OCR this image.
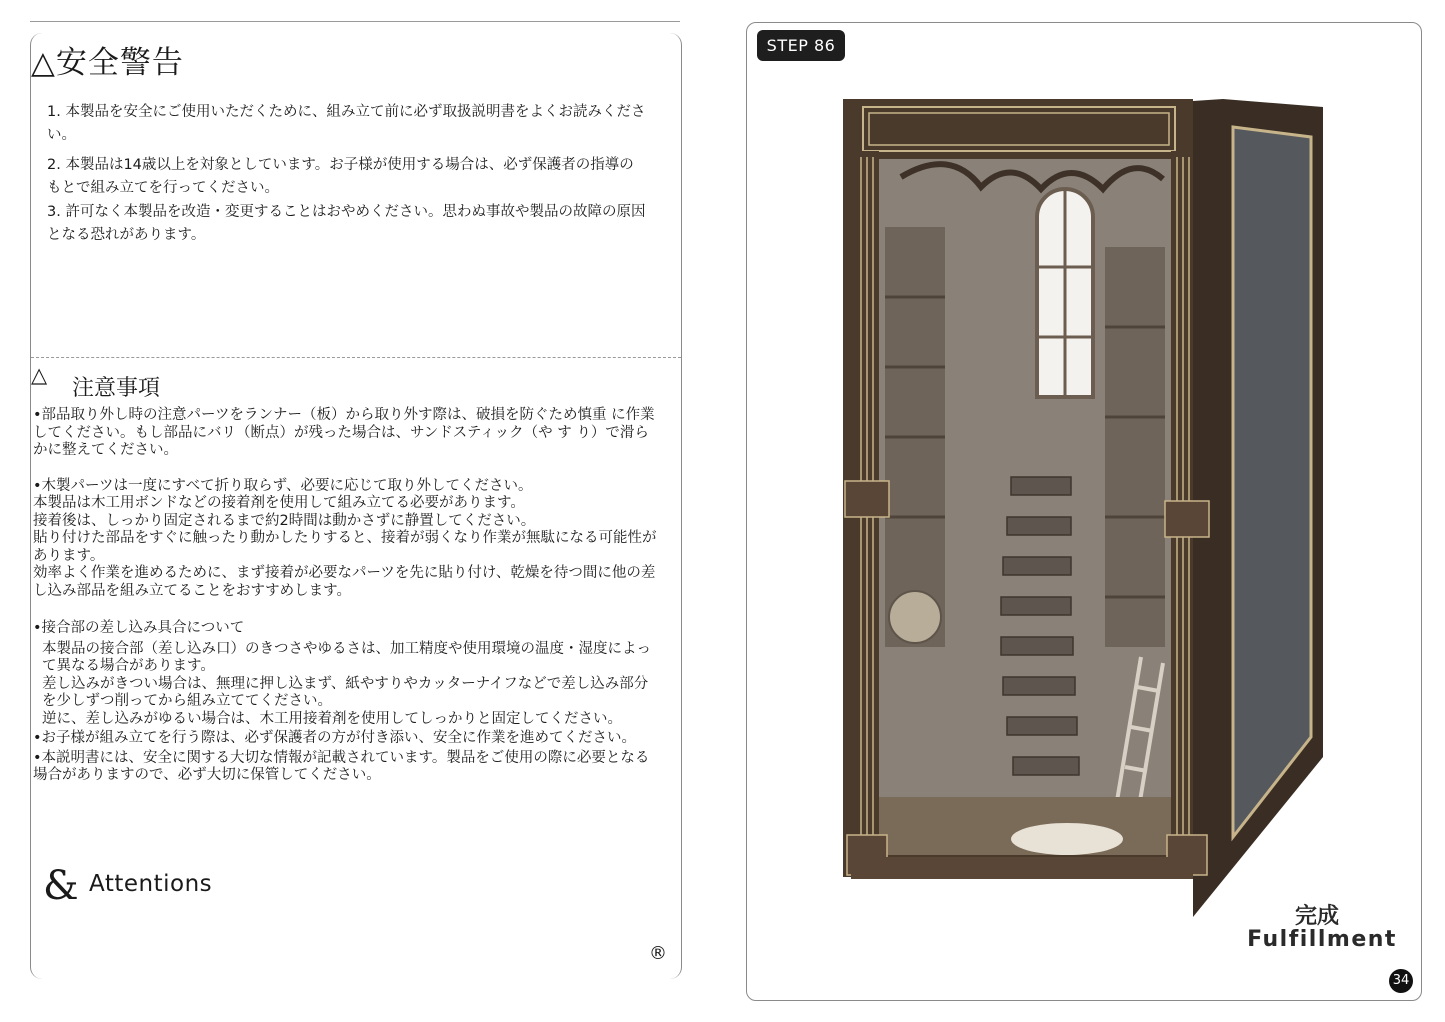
△安全警告

1. 本製品を安全にご使用いただくために、組み立て前に必ず取扱説明書をよくお読みください。

2. 本製品は14歳以上を対象としています。お子様が使用する場合は、必ず保護者の指導のもとで組み立てを行ってください。

3. 許可なく本製品を改造・変更することはおやめください。思わぬ事故や製品の故障の原因となる恐れがあります。

△
注意事項

•部品取り外し時の注意パーツをランナー（板）から取り外す際は、破損を防ぐため慎重 に作業してください。もし部品にバリ（断点）が残った場合は、サンドスティック（や す り）で滑らかに整えてください。

•木製パーツは一度にすべて折り取らず、必要に応じて取り外してください。

本製品は木工用ボンドなどの接着剤を使用して組み立てる必要があります。

接着後は、しっかり固定されるまで約2時間は動かさずに静置してください。

貼り付けた部品をすぐに触ったり動かしたりすると、接着が弱くなり作業が無駄になる可能性があります。

効率よく作業を進めるために、まず接着が必要なパーツを先に貼り付け、乾燥を待つ間に他の差し込み部品を組み立てることをおすすめします。

•接合部の差し込み具合について

本製品の接合部（差し込み口）のきつさやゆるさは、加工精度や使用環境の温度・湿度によって異なる場合があります。

差し込みがきつい場合は、無理に押し込まず、紙やすりやカッターナイフなどで差し込み部分を少しずつ削ってから組み立ててください。

逆に、差し込みがゆるい場合は、木工用接着剤を使用してしっかりと固定してください。

•お子様が組み立てを行う際は、必ず保護者の方が付き添い、安全に作業を進めてください。

•本説明書には、安全に関する大切な情報が記載されています。製品をご使用の際に必要となる場合がありますので、必ず大切に保管してください。

& Attentions
®
STEP 86
完成
Fulfillment
34
